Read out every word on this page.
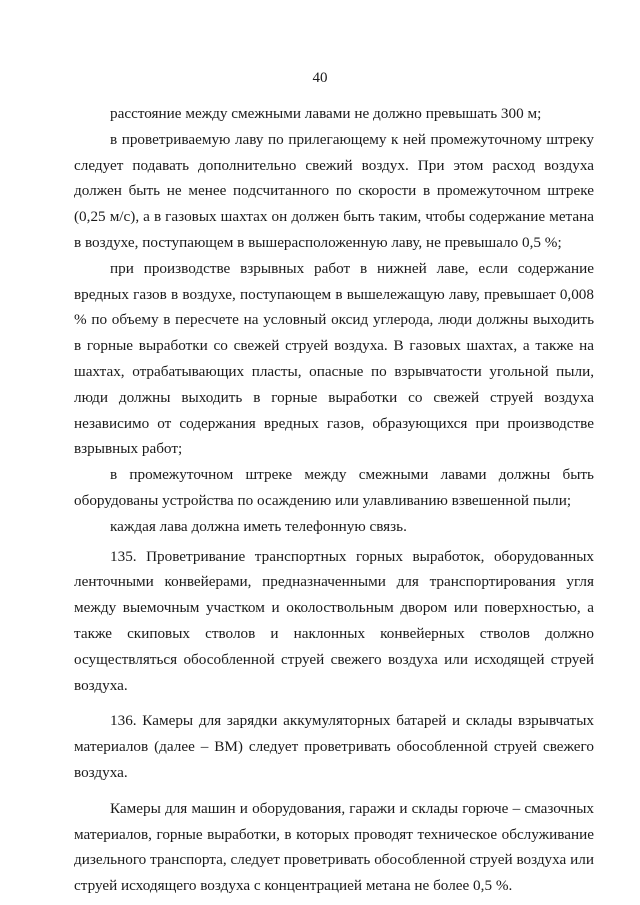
40

расстояние между смежными лавами не должно превышать 300 м;

в проветриваемую лаву по прилегающему к ней промежуточному штреку следует подавать дополнительно свежий воздух. При этом расход воздуха должен быть не менее подсчитанного по скорости в промежуточном штреке (0,25 м/с), а в газовых шахтах он должен быть таким, чтобы содержание метана в воздухе, поступающем в вышерасположенную лаву, не превышало 0,5 %;

при производстве взрывных работ в нижней лаве, если содержание вредных газов в воздухе, поступающем в вышележащую лаву, превышает 0,008 % по объему в пересчете на условный оксид углерода, люди должны выходить в горные выработки со свежей струей воздуха. В газовых шахтах, а также на шахтах, отрабатывающих пласты, опасные по взрывчатости угольной пыли, люди должны выходить в горные выработки со свежей струей воздуха независимо от содержания вредных газов, образующихся при производстве взрывных работ;

в промежуточном штреке между смежными лавами должны быть оборудованы устройства по осаждению или улавливанию взвешенной пыли;

каждая лава должна иметь телефонную связь.

135. Проветривание транспортных горных выработок, оборудованных ленточными конвейерами, предназначенными для транспортирования угля между выемочным участком и околоствольным двором или поверхностью, а также скиповых стволов и наклонных конвейерных стволов должно осуществляться обособленной струей свежего воздуха или исходящей струей воздуха.

136. Камеры для зарядки аккумуляторных батарей и склады взрывчатых материалов (далее – ВМ) следует проветривать обособленной струей свежего воздуха.

Камеры для машин и оборудования, гаражи и склады горюче – смазочных материалов, горные выработки, в которых проводят техническое обслуживание дизельного транспорта, следует проветривать обособленной струей воздуха или струей исходящего воздуха с концентрацией метана не более 0,5 %.
